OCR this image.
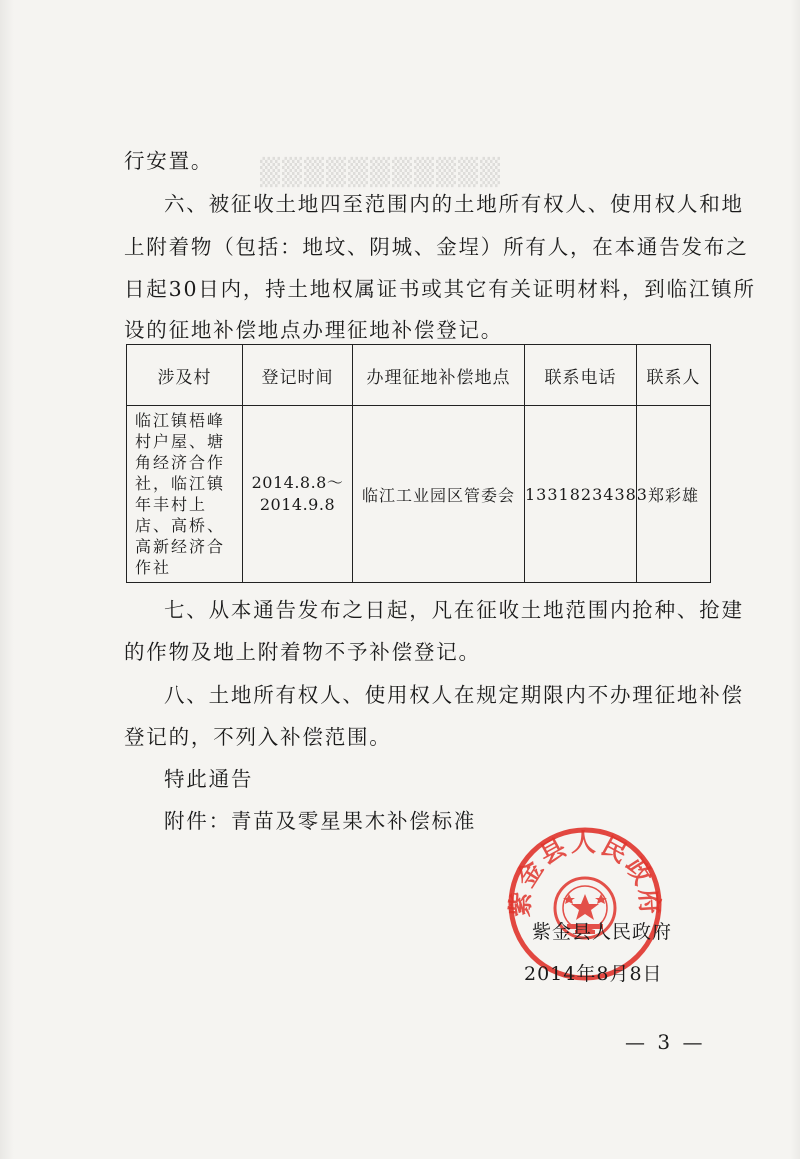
▒▒▒▒▒▒▒▒▒▒▒
行安置。
六、被征收土地四至范围内的土地所有权人、使用权人和地
上附着物（包括：地坟、阴城、金埕）所有人，在本通告发布之
日起30日内，持土地权属证书或其它有关证明材料，到临江镇所
设的征地补偿地点办理征地补偿登记。
涉及村	登记时间	办理征地补偿地点	联系电话	联系人
临江镇梧峰村户屋、塘角经济合作社，临江镇年丰村上店、高桥、高新经济合作社	2014.8.8～
2014.9.8	临江工业园区管委会	13318234383	郑彩雄
七、从本通告发布之日起，凡在征收土地范围内抢种、抢建
的作物及地上附着物不予补偿登记。
八、土地所有权人、使用权人在规定期限内不办理征地补偿
登记的，不列入补偿范围。
特此通告
附件：青苗及零星果木补偿标准
紫金县人民政府
紫金县人民政府
2014年8月8日
— 3 —
